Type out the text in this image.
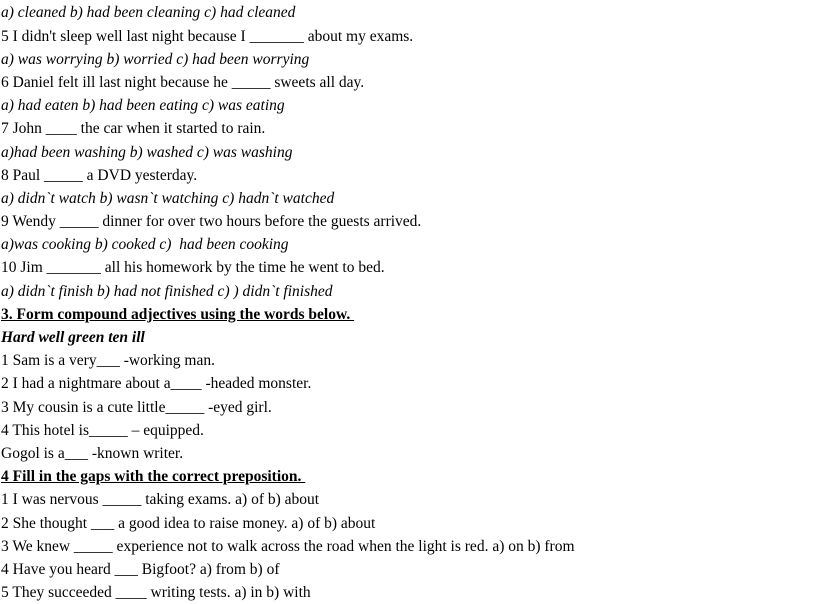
a) cleaned b) had been cleaning c) had cleaned
5 I didn't sleep well last night because I _______ about my exams.
a) was worrying b) worried c) had been worrying
6 Daniel felt ill last night because he _____ sweets all day.
a) had eaten b) had been eating c) was eating
7 John ____ the car when it started to rain.
a)had been washing b) washed c) was washing
8 Paul _____ a DVD yesterday.
a) didn`t watch b) wasn`t watching c) hadn`t watched
9 Wendy _____ dinner for over two hours before the guests arrived.
a)was cooking b) cooked c)  had been cooking
10 Jim _______ all his homework by the time he went to bed.
a) didn`t finish b) had not finished c) ) didn`t finished
3. Form compound adjectives using the words below.
Hard well green ten ill
1 Sam is a very___ -working man.
2 I had a nightmare about a____ -headed monster.
3 My cousin is a cute little_____ -eyed girl.
4 This hotel is_____ – equipped.
Gogol is a___ -known writer.
4 Fill in the gaps with the correct preposition.
1 I was nervous _____ taking exams. a) of b) about
2 She thought ___ a good idea to raise money. a) of b) about
3 We knew _____ experience not to walk across the road when the light is red. a) on b) from
4 Have you heard ___ Bigfoot? a) from b) of
5 They succeeded ____ writing tests. a) in b) with
